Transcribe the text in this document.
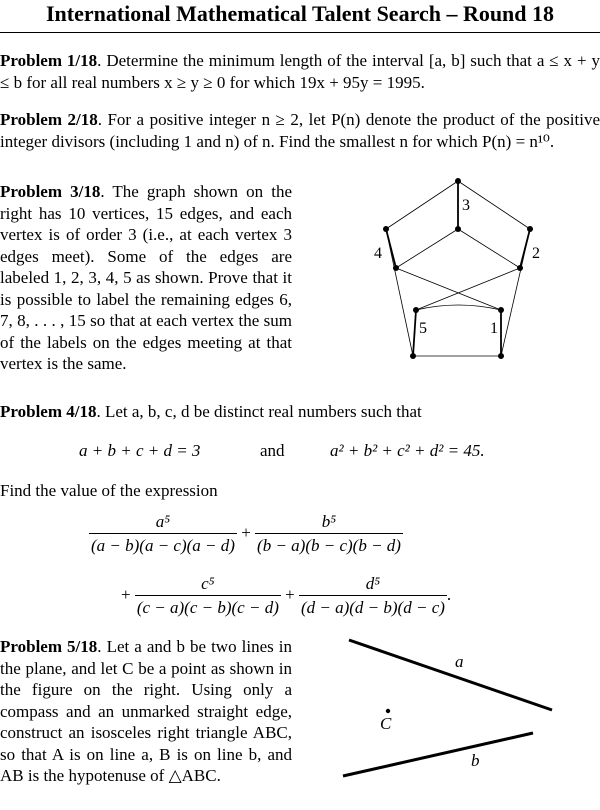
International Mathematical Talent Search – Round 18
Problem 1/18. Determine the minimum length of the interval [a, b] such that a ≤ x + y ≤ b for all real numbers x ≥ y ≥ 0 for which 19x + 95y = 1995.
Problem 2/18. For a positive integer n ≥ 2, let P(n) denote the product of the positive integer divisors (including 1 and n) of n. Find the smallest n for which P(n) = n¹⁰.
Problem 3/18. The graph shown on the right has 10 vertices, 15 edges, and each vertex is of order 3 (i.e., at each vertex 3 edges meet). Some of the edges are labeled 1, 2, 3, 4, 5 as shown. Prove that it is possible to label the remaining edges 6, 7, 8, . . . , 15 so that at each vertex the sum of the labels on the edges meeting at that vertex is the same.
3
4	2
5	1
Problem 4/18. Let a, b, c, d be distinct real numbers such that
a + b + c + d = 3	and	a² + b² + c² + d² = 45.
Find the value of the expression
$\frac{\text{a⁵}}{(a - b)(a - c)(a - d)} + \frac{\text{b⁵}}{(b - a)(b - c)(b - d)}$
+ $\frac{\text{c⁵}}{(c - a)(c - b)(c - d)} + \frac{\text{d⁵}}{(d - a)(d - b)(d - c)}$ .
Problem 5/18. Let a and b be two lines in the plane, and let C be a point as shown in the figure on the right. Using only a compass and an unmarked straight edge, construct an isosceles right triangle ABC, so that A is on line a, B is on line b, and AB is the hypotenuse of △ABC.
a
C
b
